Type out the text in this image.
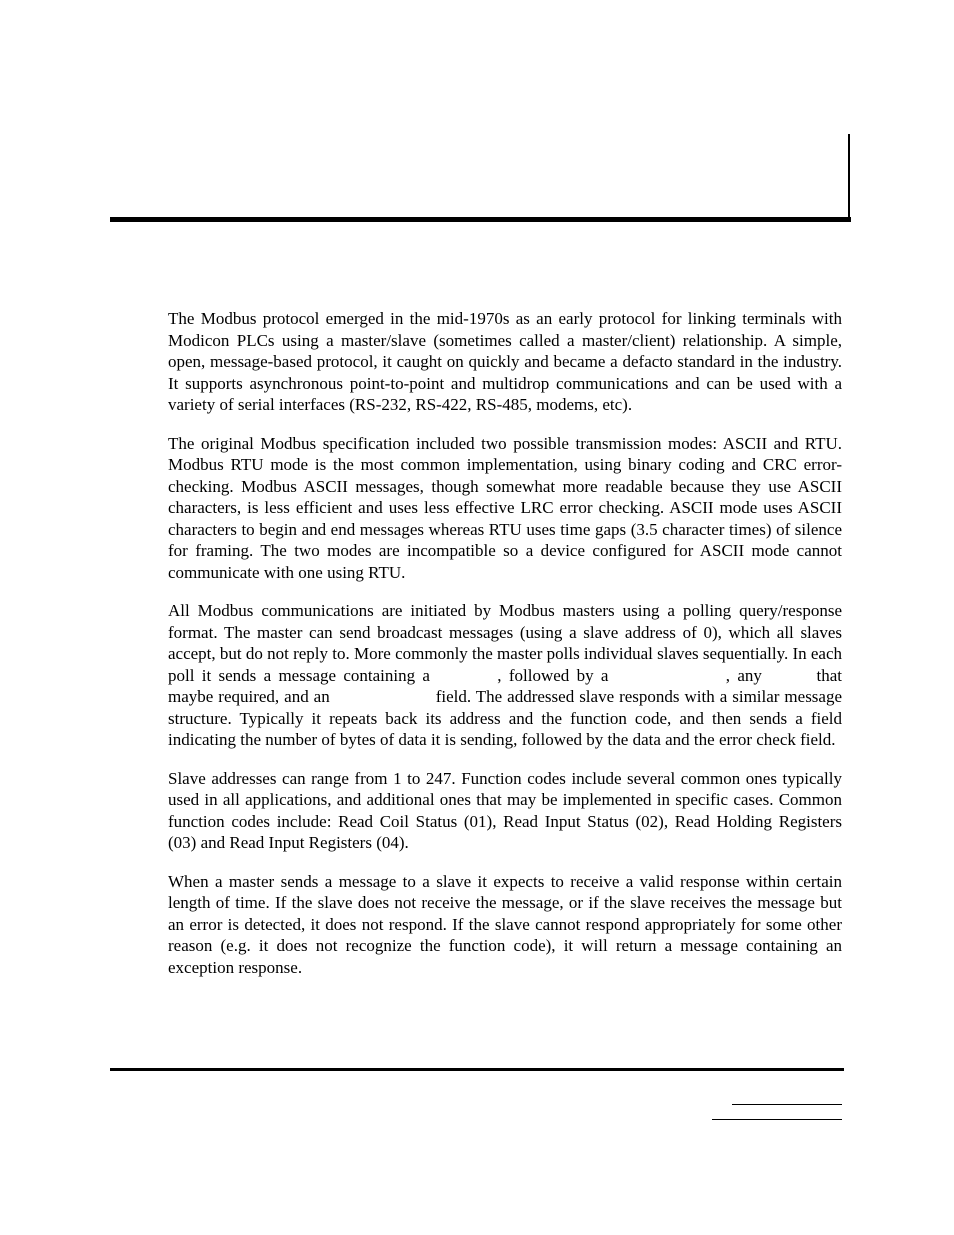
The Modbus protocol emerged in the mid-1970s as an early protocol for linking terminals with Modicon PLCs using a master/slave (sometimes called a master/client) relationship. A simple, open, message-based protocol, it caught on quickly and became a defacto standard in the industry. It supports asynchronous point-to-point and multidrop communications and can be used with a variety of serial interfaces (RS-232, RS-422, RS-485, modems, etc).

The original Modbus specification included two possible transmission modes: ASCII and RTU. Modbus RTU mode is the most common implementation, using binary coding and CRC error-checking. Modbus ASCII messages, though somewhat more readable because they use ASCII characters, is less efficient and uses less effective LRC error checking. ASCII mode uses ASCII characters to begin and end messages whereas RTU uses time gaps (3.5 character times) of silence for framing. The two modes are incompatible so a device configured for ASCII mode cannot communicate with one using RTU.

All Modbus communications are initiated by Modbus masters using a polling query/response format. The master can send broadcast messages (using a slave address of 0), which all slaves accept, but do not reply to. More commonly the master polls individual slaves sequentially. In each poll it sends a message containing a	, followed by a	, any	that maybe required, and an	field. The addressed slave responds with a similar message structure. Typically it repeats back its address and the function code, and then sends a field indicating the number of bytes of data it is sending, followed by the data and the error check field.

Slave addresses can range from 1 to 247. Function codes include several common ones typically used in all applications, and additional ones that may be implemented in specific cases. Common function codes include: Read Coil Status (01), Read Input Status (02), Read Holding Registers (03) and Read Input Registers (04).

When a master sends a message to a slave it expects to receive a valid response within certain length of time. If the slave does not receive the message, or if the slave receives the message but an error is detected, it does not respond. If the slave cannot respond appropriately for some other reason (e.g. it does not recognize the function code), it will return a message containing an exception response.
